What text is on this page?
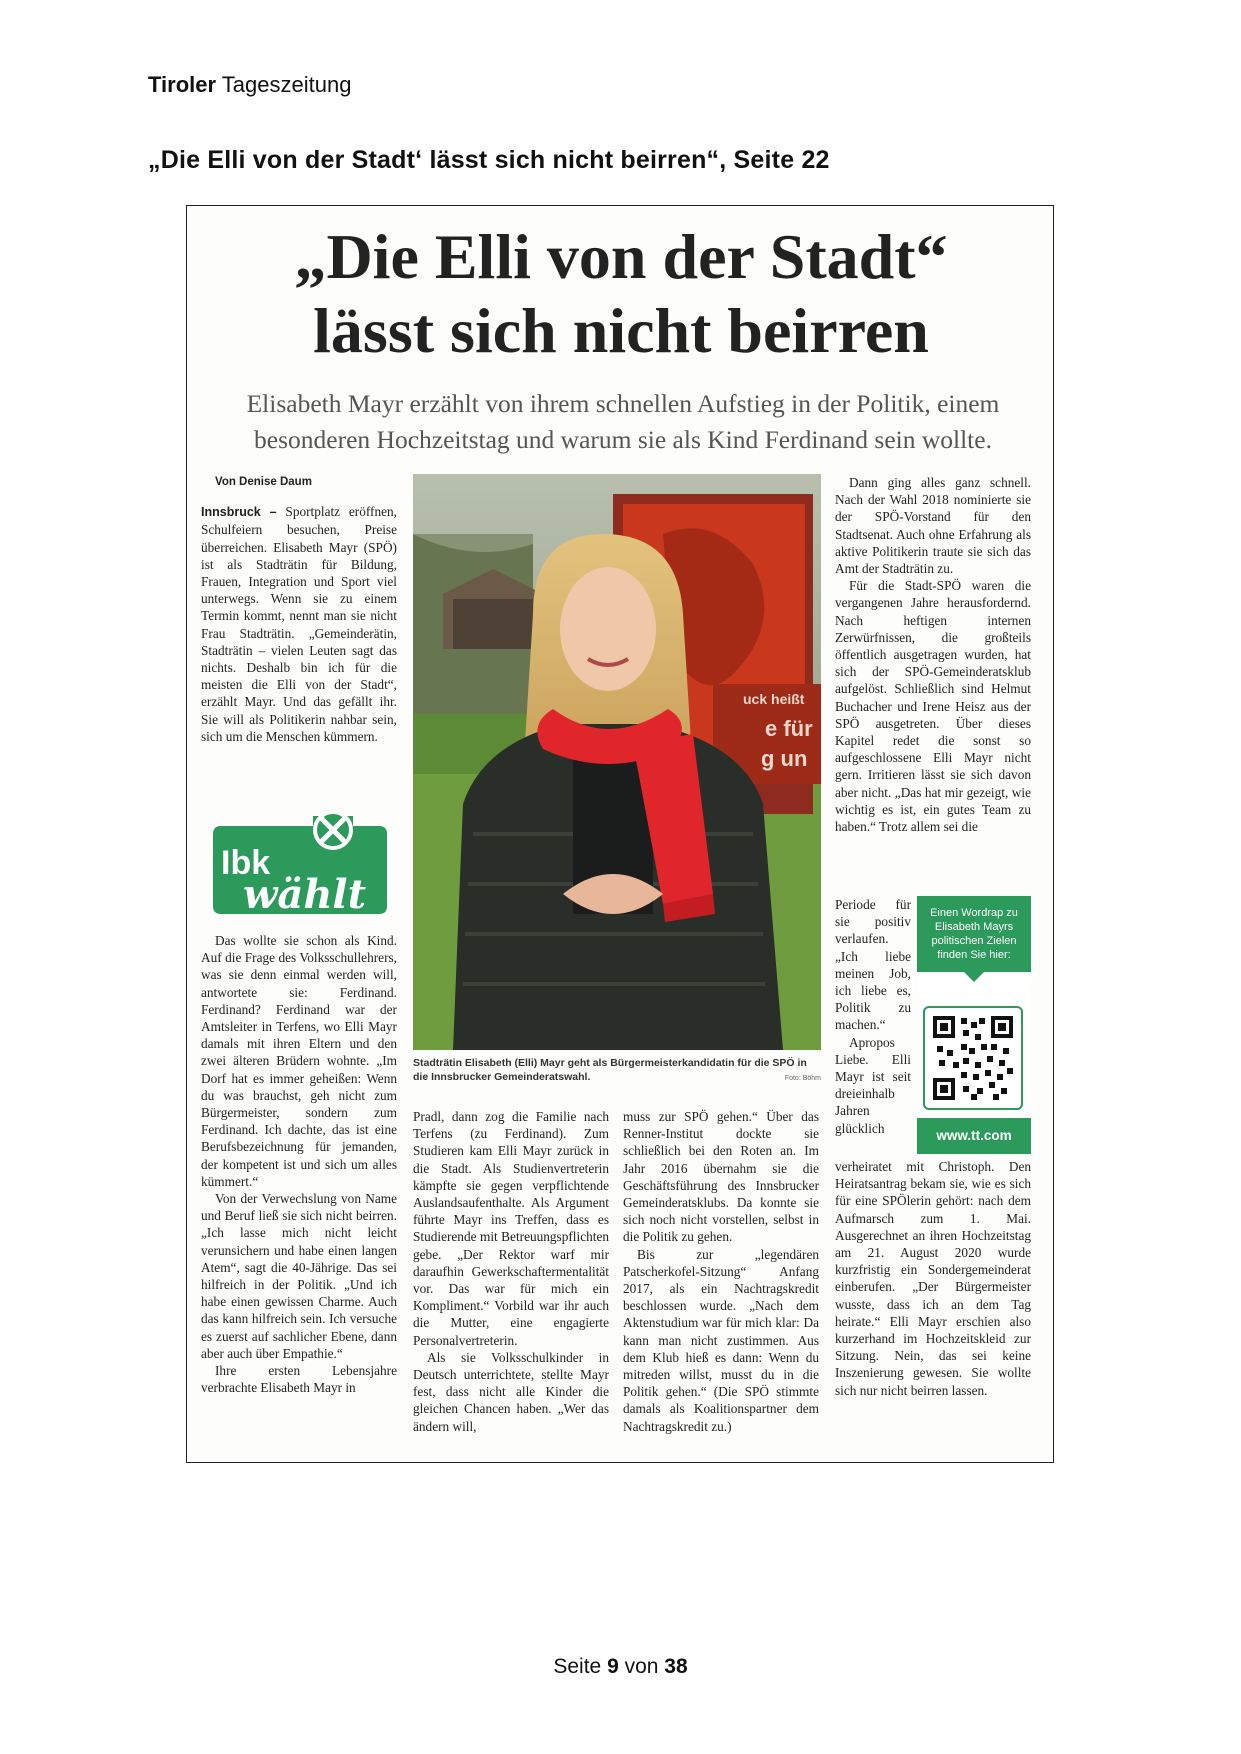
Tiroler Tageszeitung
„Die Elli von der Stadt‘ lässt sich nicht beirren“, Seite 22
„Die Elli von der Stadt“
lässt sich nicht beirren
Elisabeth Mayr erzählt von ihrem schnellen Aufstieg in der Politik, einem besonderen Hochzeitstag und warum sie als Kind Ferdinand sein wollte.

Von Denise Daum

Innsbruck – Sportplatz eröffnen, Schulfeiern besuchen, Preise überreichen. Elisabeth Mayr (SPÖ) ist als Stadträtin für Bildung, Frauen, Integration und Sport viel unterwegs. Wenn sie zu einem Termin kommt, nennt man sie nicht Frau Stadträtin. „Gemeinderätin, Stadträtin – vielen Leuten sagt das nichts. Deshalb bin ich für die meisten die Elli von der Stadt“, erzählt Mayr. Und das gefällt ihr. Sie will als Politikerin nahbar sein, sich um die Menschen kümmern.

Ibk
wählt

Das wollte sie schon als Kind. Auf die Frage des Volksschullehrers, was sie denn einmal werden will, antwortete sie: Ferdinand. Ferdinand? Ferdinand war der Amtsleiter in Terfens, wo Elli Mayr damals mit ihren Eltern und den zwei älteren Brüdern wohnte. „Im Dorf hat es immer geheißen: Wenn du was brauchst, geh nicht zum Bürgermeister, sondern zum Ferdinand. Ich dachte, das ist eine Berufsbezeichnung für jemanden, der kompetent ist und sich um alles kümmert.“

Von der Verwechslung von Name und Beruf ließ sie sich nicht beirren. „Ich lasse mich nicht leicht verunsichern und habe einen langen Atem“, sagt die 40-Jährige. Das sei hilfreich in der Politik. „Und ich habe einen gewissen Charme. Auch das kann hilfreich sein. Ich versuche es zuerst auf sachlicher Ebene, dann aber auch über Empathie.“

Ihre ersten Lebensjahre verbrachte Elisabeth Mayr in

uck heißt
e für
g un
Stadträtin Elisabeth (Elli) Mayr geht als Bürgermeisterkandidatin für die SPÖ in die Innsbrucker Gemeinderatswahl.	Foto: Böhm

Pradl, dann zog die Familie nach Terfens (zu Ferdinand). Zum Studieren kam Elli Mayr zurück in die Stadt. Als Studienvertreterin kämpfte sie gegen verpflichtende Auslandsaufenthalte. Als Argument führte Mayr ins Treffen, dass es Studierende mit Betreuungspflichten gebe. „Der Rektor warf mir daraufhin Gewerkschaftermentalität vor. Das war für mich ein Kompliment.“ Vorbild war ihr auch die Mutter, eine engagierte Personalvertreterin.

Als sie Volksschulkinder in Deutsch unterrichtete, stellte Mayr fest, dass nicht alle Kinder die gleichen Chancen haben. „Wer das ändern will,

muss zur SPÖ gehen.“ Über das Renner-Institut dockte sie schließlich bei den Roten an. Im Jahr 2016 übernahm sie die Geschäftsführung des Innsbrucker Gemeinderatsklubs. Da konnte sie sich noch nicht vorstellen, selbst in die Politik zu gehen.

Bis zur „legendären Patscherkofel-Sitzung“ Anfang 2017, als ein Nachtragskredit beschlossen wurde. „Nach dem Aktenstudium war für mich klar: Da kann man nicht zustimmen. Aus dem Klub hieß es dann: Wenn du mitreden willst, musst du in die Politik gehen.“ (Die SPÖ stimmte damals als Koalitionspartner dem Nachtragskredit zu.)

Dann ging alles ganz schnell. Nach der Wahl 2018 nominierte sie der SPÖ-Vorstand für den Stadtsenat. Auch ohne Erfahrung als aktive Politikerin traute sie sich das Amt der Stadträtin zu.

Für die Stadt-SPÖ waren die vergangenen Jahre herausfordernd. Nach heftigen internen Zerwürfnissen, die großteils öffentlich ausgetragen wurden, hat sich der SPÖ-Gemeinderatsklub aufgelöst. Schließlich sind Helmut Buchacher und Irene Heisz aus der SPÖ ausgetreten. Über dieses Kapitel redet die sonst so aufgeschlossene Elli Mayr nicht gern. Irritieren lässt sie sich davon aber nicht. „Das hat mir gezeigt, wie wichtig es ist, ein gutes Team zu haben.“ Trotz allem sei die

Periode für sie positiv verlaufen. „Ich liebe meinen Job, ich liebe es, Politik zu machen.“

Apropos Liebe. Elli Mayr ist seit dreieinhalb Jahren glücklich

Einen Wordrap zu Elisabeth Mayrs politischen Zielen finden Sie hier:
www.tt.com

verheiratet mit Christoph. Den Heiratsantrag bekam sie, wie es sich für eine SPÖlerin gehört: nach dem Aufmarsch zum 1. Mai. Ausgerechnet an ihren Hochzeitstag am 21. August 2020 wurde kurzfristig ein Sondergemeinderat einberufen. „Der Bürgermeister wusste, dass ich an dem Tag heirate.“ Elli Mayr erschien also kurzerhand im Hochzeitskleid zur Sitzung. Nein, das sei keine Inszenierung gewesen. Sie wollte sich nur nicht beirren lassen.

Seite 9 von 38
